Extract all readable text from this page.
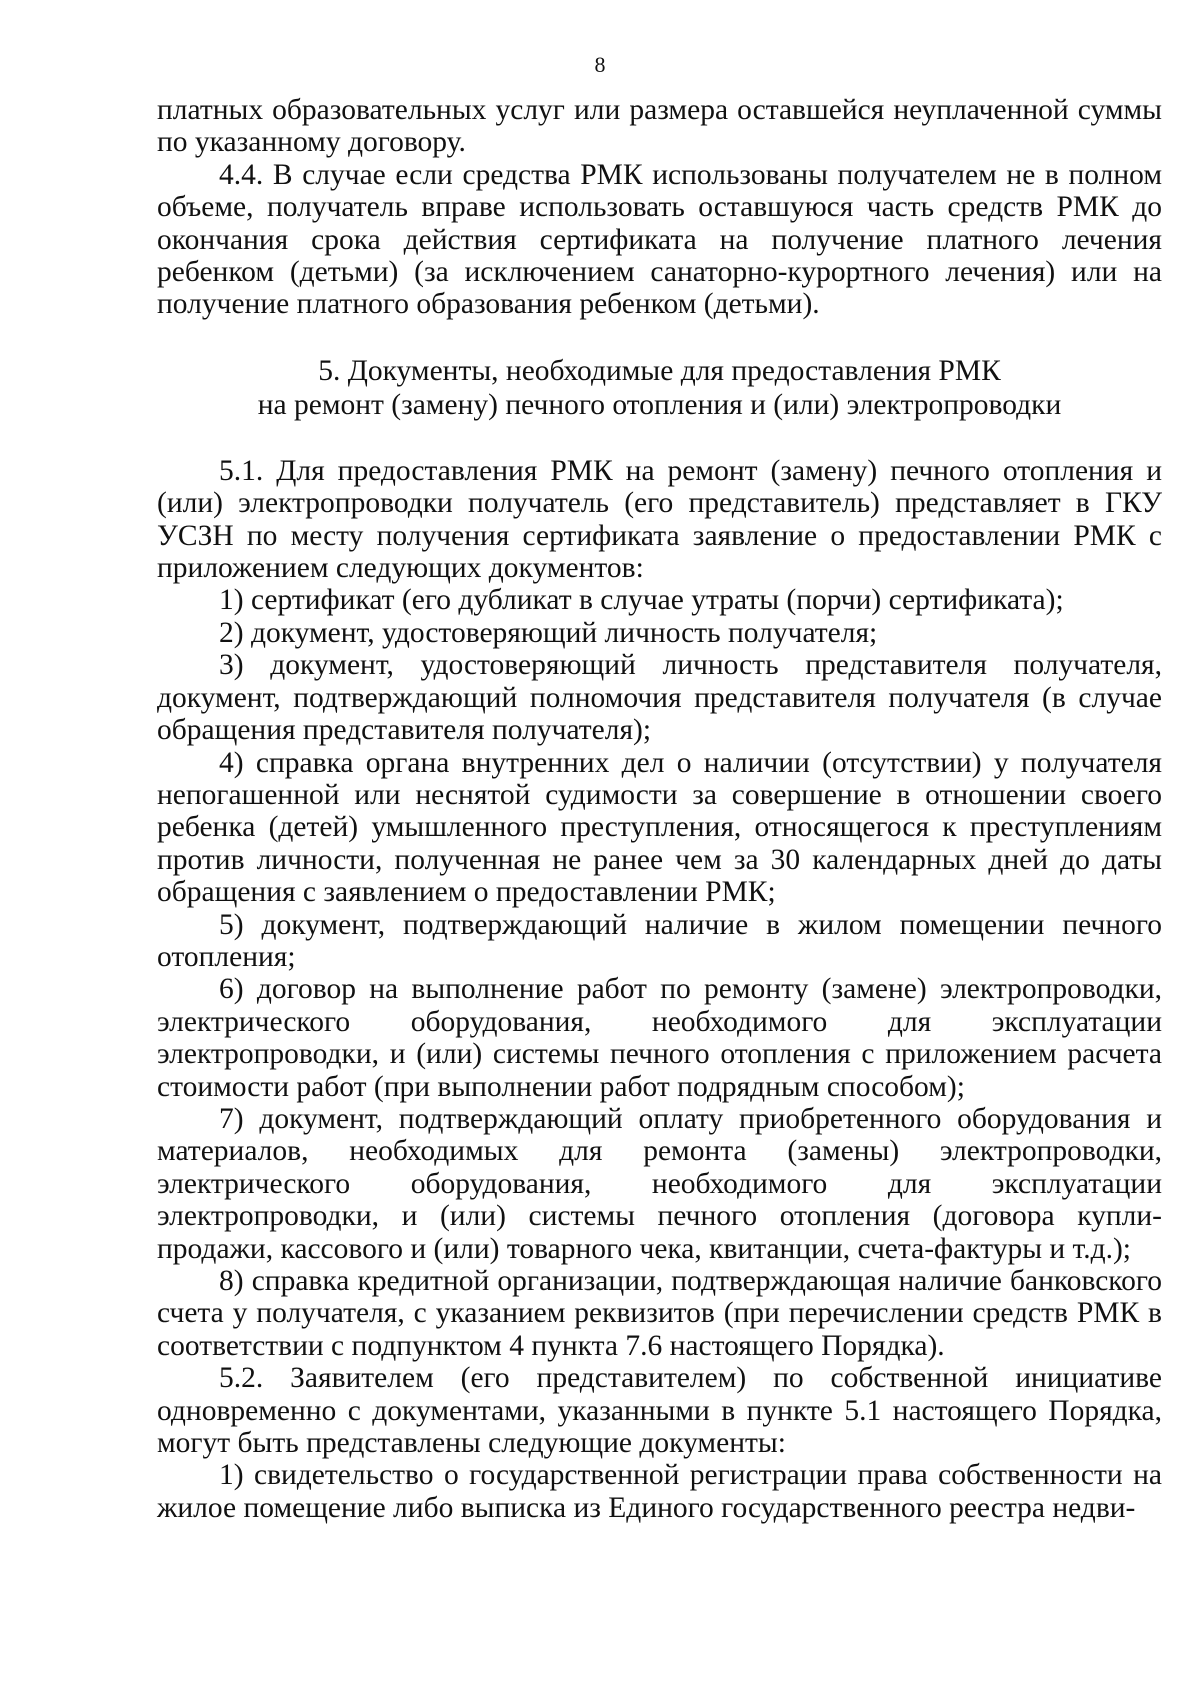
8

платных образовательных услуг или размера оставшейся неуплаченной суммы по указанному договору.

4.4. В случае если средства РМК использованы получателем не в полном объеме, получатель вправе использовать оставшуюся часть средств РМК до окончания срока действия сертификата на получение платного лечения ребенком (детьми) (за исключением санаторно-курортного лечения) или на получение платного образования ребенком (детьми).

5. Документы, необходимые для предоставления РМК
на ремонт (замену) печного отопления и (или) электропроводки

5.1. Для предоставления РМК на ремонт (замену) печного отопления и (или) электропроводки получатель (его представитель) представляет в ГКУ УСЗН по месту получения сертификата заявление о предоставлении РМК с приложением следующих документов:

1) сертификат (его дубликат в случае утраты (порчи) сертификата);

2) документ, удостоверяющий личность получателя;

3) документ, удостоверяющий личность представителя получателя, документ, подтверждающий полномочия представителя получателя (в случае обращения представителя получателя);

4) справка органа внутренних дел о наличии (отсутствии) у получателя непогашенной или неснятой судимости за совершение в отношении своего ребенка (детей) умышленного преступления, относящегося к преступлениям против личности, полученная не ранее чем за 30 календарных дней до даты обращения с заявлением о предоставлении РМК;

5) документ, подтверждающий наличие в жилом помещении печного отопления;

6) договор на выполнение работ по ремонту (замене) электропроводки, электрического оборудования, необходимого для эксплуатации электропроводки, и (или) системы печного отопления с приложением расчета стоимости работ (при выполнении работ подрядным способом);

7) документ, подтверждающий оплату приобретенного оборудования и материалов, необходимых для ремонта (замены) электропроводки, электрического оборудования, необходимого для эксплуатации электропроводки, и (или) системы печного отопления (договора купли-продажи, кассового и (или) товарного чека, квитанции, счета-фактуры и т.д.);

8) справка кредитной организации, подтверждающая наличие банковского счета у получателя, с указанием реквизитов (при перечислении средств РМК в соответствии с подпунктом 4 пункта 7.6 настоящего Порядка).

5.2. Заявителем (его представителем) по собственной инициативе одновременно с документами, указанными в пункте 5.1 настоящего Порядка, могут быть представлены следующие документы:

1) свидетельство о государственной регистрации права собственности на жилое помещение либо выписка из Единого государственного реестра недви-
